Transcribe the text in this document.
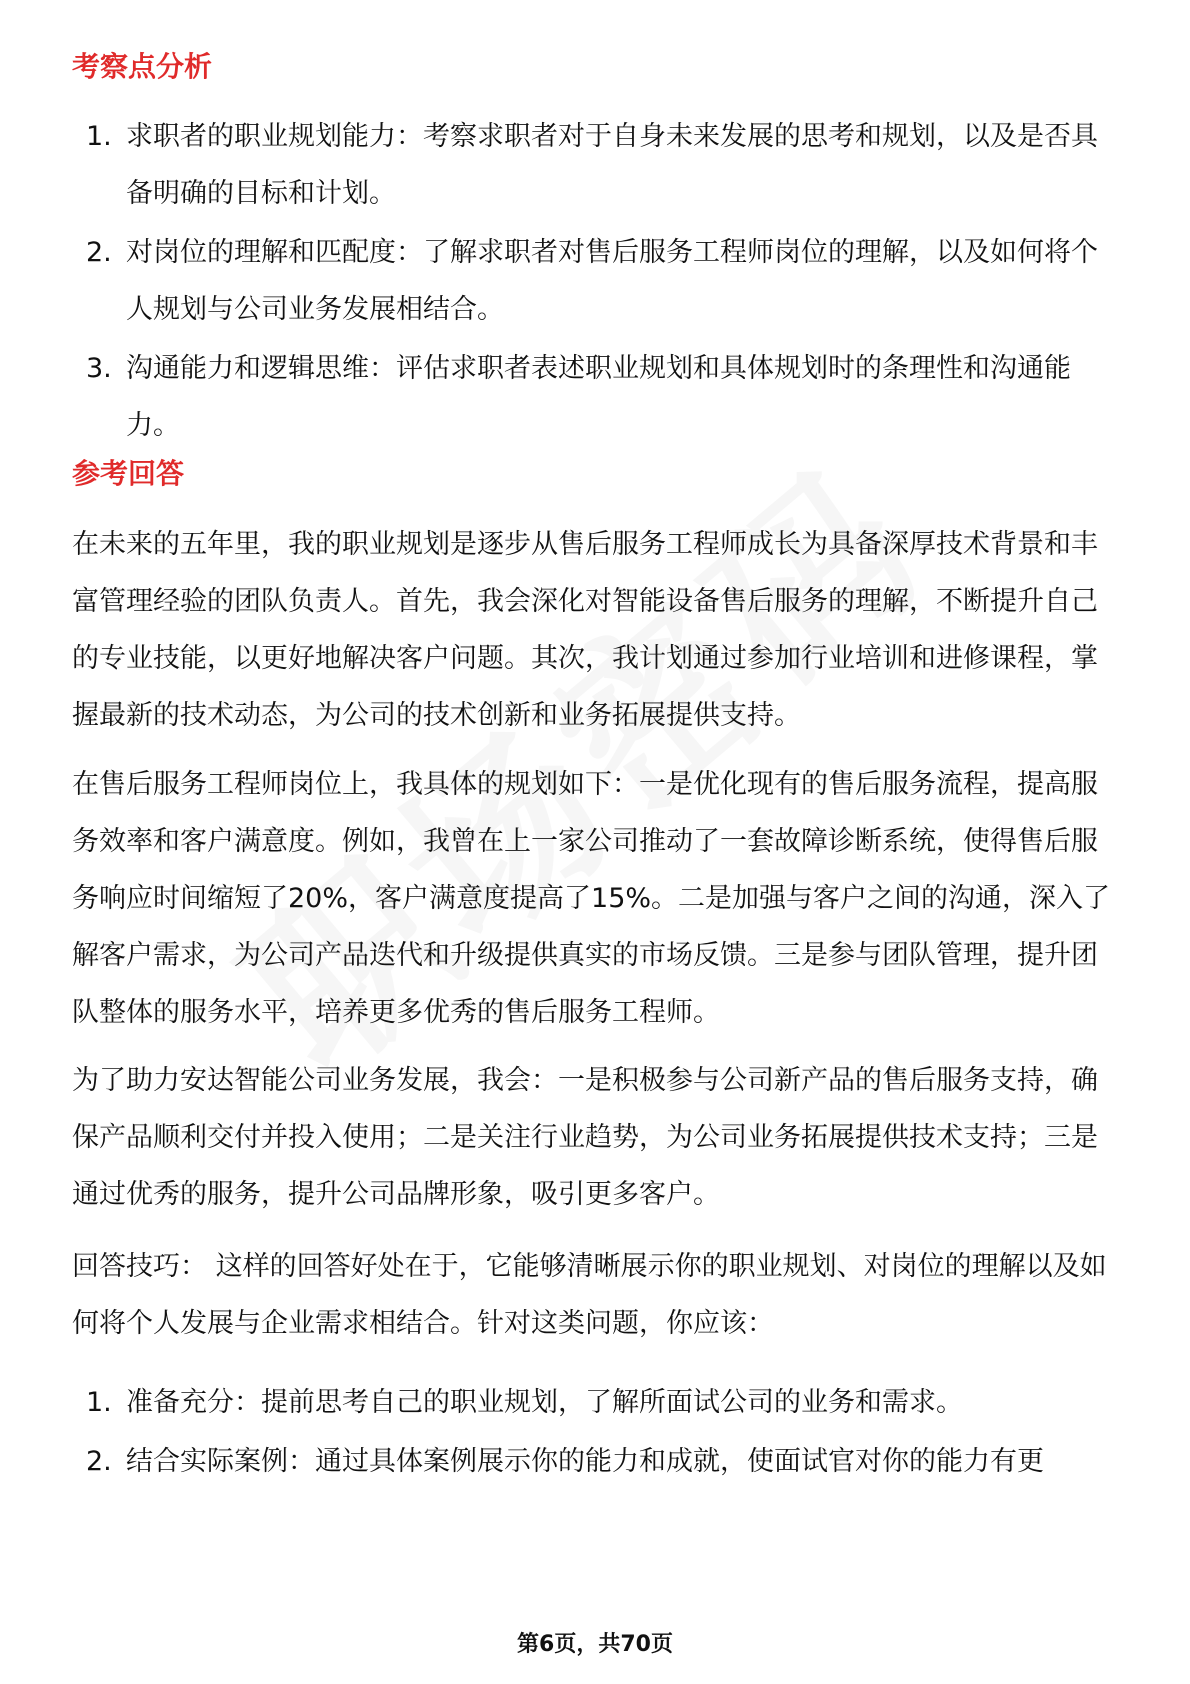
考察点分析
1. 求职者的职业规划能力：考察求职者对于自身未来发展的思考和规划，以及是否具备明确的目标和计划。
2. 对岗位的理解和匹配度：了解求职者对售后服务工程师岗位的理解，以及如何将个人规划与公司业务发展相结合。
3. 沟通能力和逻辑思维：评估求职者表述职业规划和具体规划时的条理性和沟通能力。
参考回答

在未来的五年里，我的职业规划是逐步从售后服务工程师成长为具备深厚技术背景和丰富管理经验的团队负责人。首先，我会深化对智能设备售后服务的理解，不断提升自己的专业技能，以更好地解决客户问题。其次，我计划通过参加行业培训和进修课程，掌握最新的技术动态，为公司的技术创新和业务拓展提供支持。

在售后服务工程师岗位上，我具体的规划如下：一是优化现有的售后服务流程，提高服务效率和客户满意度。例如，我曾在上一家公司推动了一套故障诊断系统，使得售后服务响应时间缩短了20%，客户满意度提高了15%。二是加强与客户之间的沟通，深入了解客户需求，为公司产品迭代和升级提供真实的市场反馈。三是参与团队管理，提升团队整体的服务水平，培养更多优秀的售后服务工程师。

为了助力安达智能公司业务发展，我会：一是积极参与公司新产品的售后服务支持，确保产品顺利交付并投入使用；二是关注行业趋势，为公司业务拓展提供技术支持；三是通过优秀的服务，提升公司品牌形象，吸引更多客户。

回答技巧： 这样的回答好处在于，它能够清晰展示你的职业规划、对岗位的理解以及如何将个人发展与企业需求相结合。针对这类问题，你应该：

1. 准备充分：提前思考自己的职业规划，了解所面试公司的业务和需求。
2. 结合实际案例：通过具体案例展示你的能力和成就，使面试官对你的能力有更
第6页，共70页
